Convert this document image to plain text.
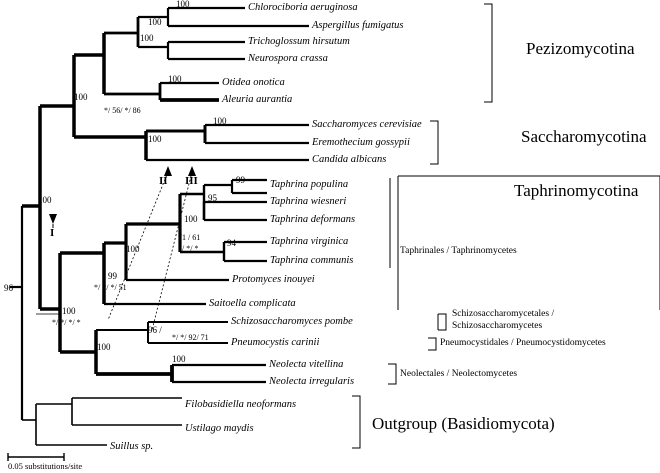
Chlorociboria aeruginosa
Aspergillus fumigatus
Trichoglossum hirsutum
Neurospora crassa
Otidea onotica
Aleuria aurantia
Saccharomyces cerevisiae
Eremothecium gossypii
Candida albicans
Taphrina populina
Taphrina wiesneri
Taphrina deformans
Taphrina virginica
Taphrina communis
Protomyces inouyei
Saitoella complicata
Schizosaccharomyces pombe
Pneumocystis carinii
Neolecta vitellina
Neolecta irregularis
Filobasidiella neoformans
Ustilago maydis
Suillus sp.
100
100
100
100
100
*/ 56/ */ 86
100
100
99
95
100
71 / 61
/ */ *
94
100
99
*/ */ */ 51
100
96
100
*/ */ */ *
96 /
*/ */ 92/ 71
100
100
I
II III
Pezizomycotina
Saccharomycotina
Taphrinomycotina
Outgroup (Basidiomycota)
Taphrinales / Taphrinomycetes
Schizosaccharomycetales /
Schizosaccharomycetes
Pneumocystidales / Pneumocystidomycetes
Neolectales / Neolectomycetes
0.05 substitutions/site
